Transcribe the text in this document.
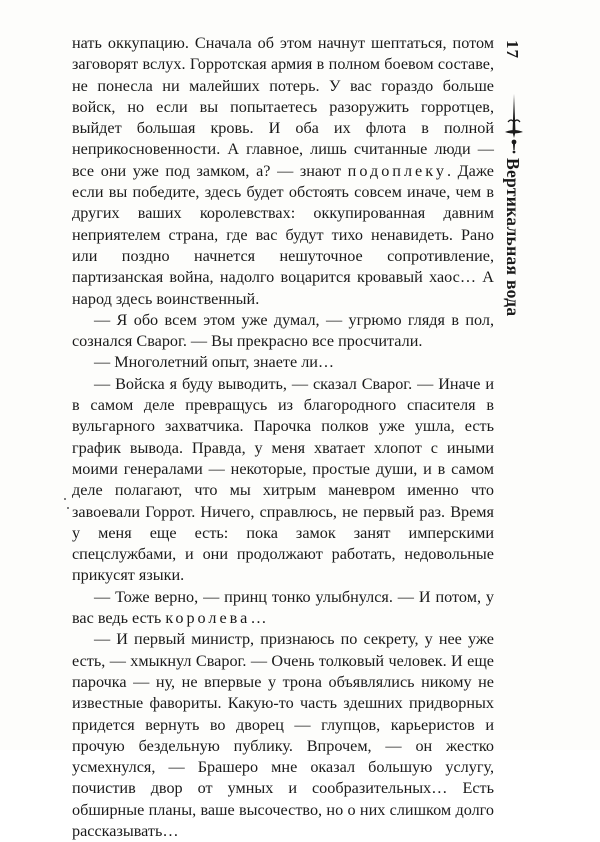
нать оккупацию. Сначала об этом начнут шептаться, потом заговорят вслух. Горротская армия в полном боевом составе, не понесла ни малейших потерь. У вас гораздо больше войск, но если вы попытаетесь разоружить горротцев, выйдет большая кровь. И оба их флота в полной неприкосновенности. А главное, лишь считанные люди — все они уже под замком, а? — знают подоплеку. Даже если вы победите, здесь будет обстоять совсем иначе, чем в других ваших королевствах: оккупированная давним неприятелем страна, где вас будут тихо ненавидеть. Рано или поздно начнется нешуточное сопротивление, партизанская война, надолго воцарится кровавый хаос… А народ здесь воинственный.

— Я обо всем этом уже думал, — угрюмо глядя в пол, сознался Сварог. — Вы прекрасно все просчитали.

— Многолетний опыт, знаете ли…

— Войска я буду выводить, — сказал Сварог. — Иначе и в самом деле превращусь из благородного спасителя в вульгарного захватчика. Парочка полков уже ушла, есть график вывода. Правда, у меня хватает хлопот с иными моими генералами — некоторые, простые души, и в самом деле полагают, что мы хитрым маневром именно что завоевали Горрот. Ничего, справлюсь, не первый раз. Время у меня еще есть: пока замок занят имперскими спецслужбами, и они продолжают работать, недовольные прикусят языки.

— Тоже верно, — принц тонко улыбнулся. — И потом, у вас ведь есть королева…

— И первый министр, признаюсь по секрету, у нее уже есть, — хмыкнул Сварог. — Очень толковый человек. И еще парочка — ну, не впервые у трона объявлялись никому не известные фавориты. Какую-то часть здешних придворных придется вернуть во дворец — глупцов, карьеристов и прочую бездельную публику. Впрочем, — он жестко усмехнулся, — Брашеро мне оказал большую услугу, почистив двор от умных и сообразительных… Есть обширные планы, ваше высочество, но о них слишком долго рассказывать…

17
Вертикальная вода
